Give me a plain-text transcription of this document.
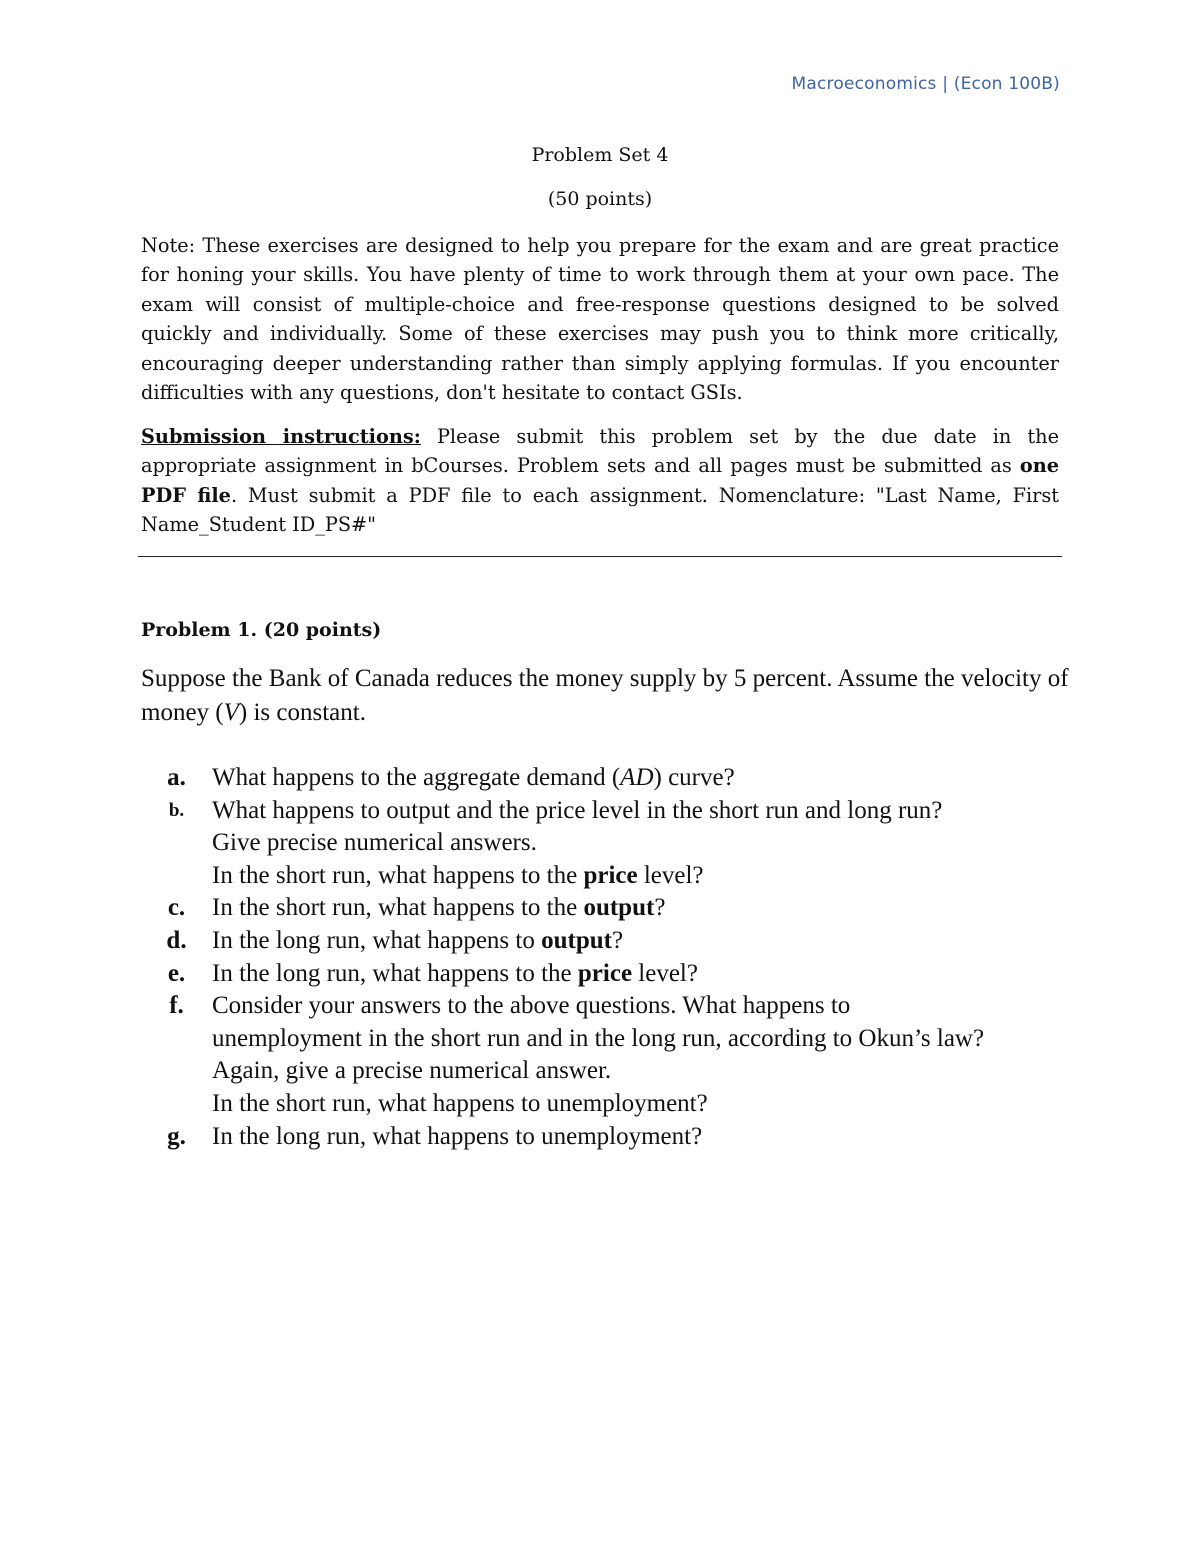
Macroeconomics | (Econ 100B)
Problem Set 4
(50 points)
Note: These exercises are designed to help you prepare for the exam and are great practice for honing your skills. You have plenty of time to work through them at your own pace. The exam will consist of multiple-choice and free-response questions designed to be solved quickly and individually. Some of these exercises may push you to think more critically, encouraging deeper understanding rather than simply applying formulas. If you encounter difficulties with any questions, don't hesitate to contact GSIs.
Submission instructions: Please submit this problem set by the due date in the appropriate assignment in bCourses. Problem sets and all pages must be submitted as one PDF file. Must submit a PDF file to each assignment. Nomenclature: "Last Name, First Name_Student ID_PS#"
Problem 1. (20 points)
Suppose the Bank of Canada reduces the money supply by 5 percent. Assume the velocity of money (V) is constant.
a.	What happens to the aggregate demand (AD) curve?
b.	What happens to output and the price level in the short run and long run?
Give precise numerical answers.
In the short run, what happens to the price level?
c.	In the short run, what happens to the output?
d.	In the long run, what happens to output?
e.	In the long run, what happens to the price level?
f.	Consider your answers to the above questions. What happens to
unemployment in the short run and in the long run, according to Okun’s law?
Again, give a precise numerical answer.
In the short run, what happens to unemployment?
g.	In the long run, what happens to unemployment?
